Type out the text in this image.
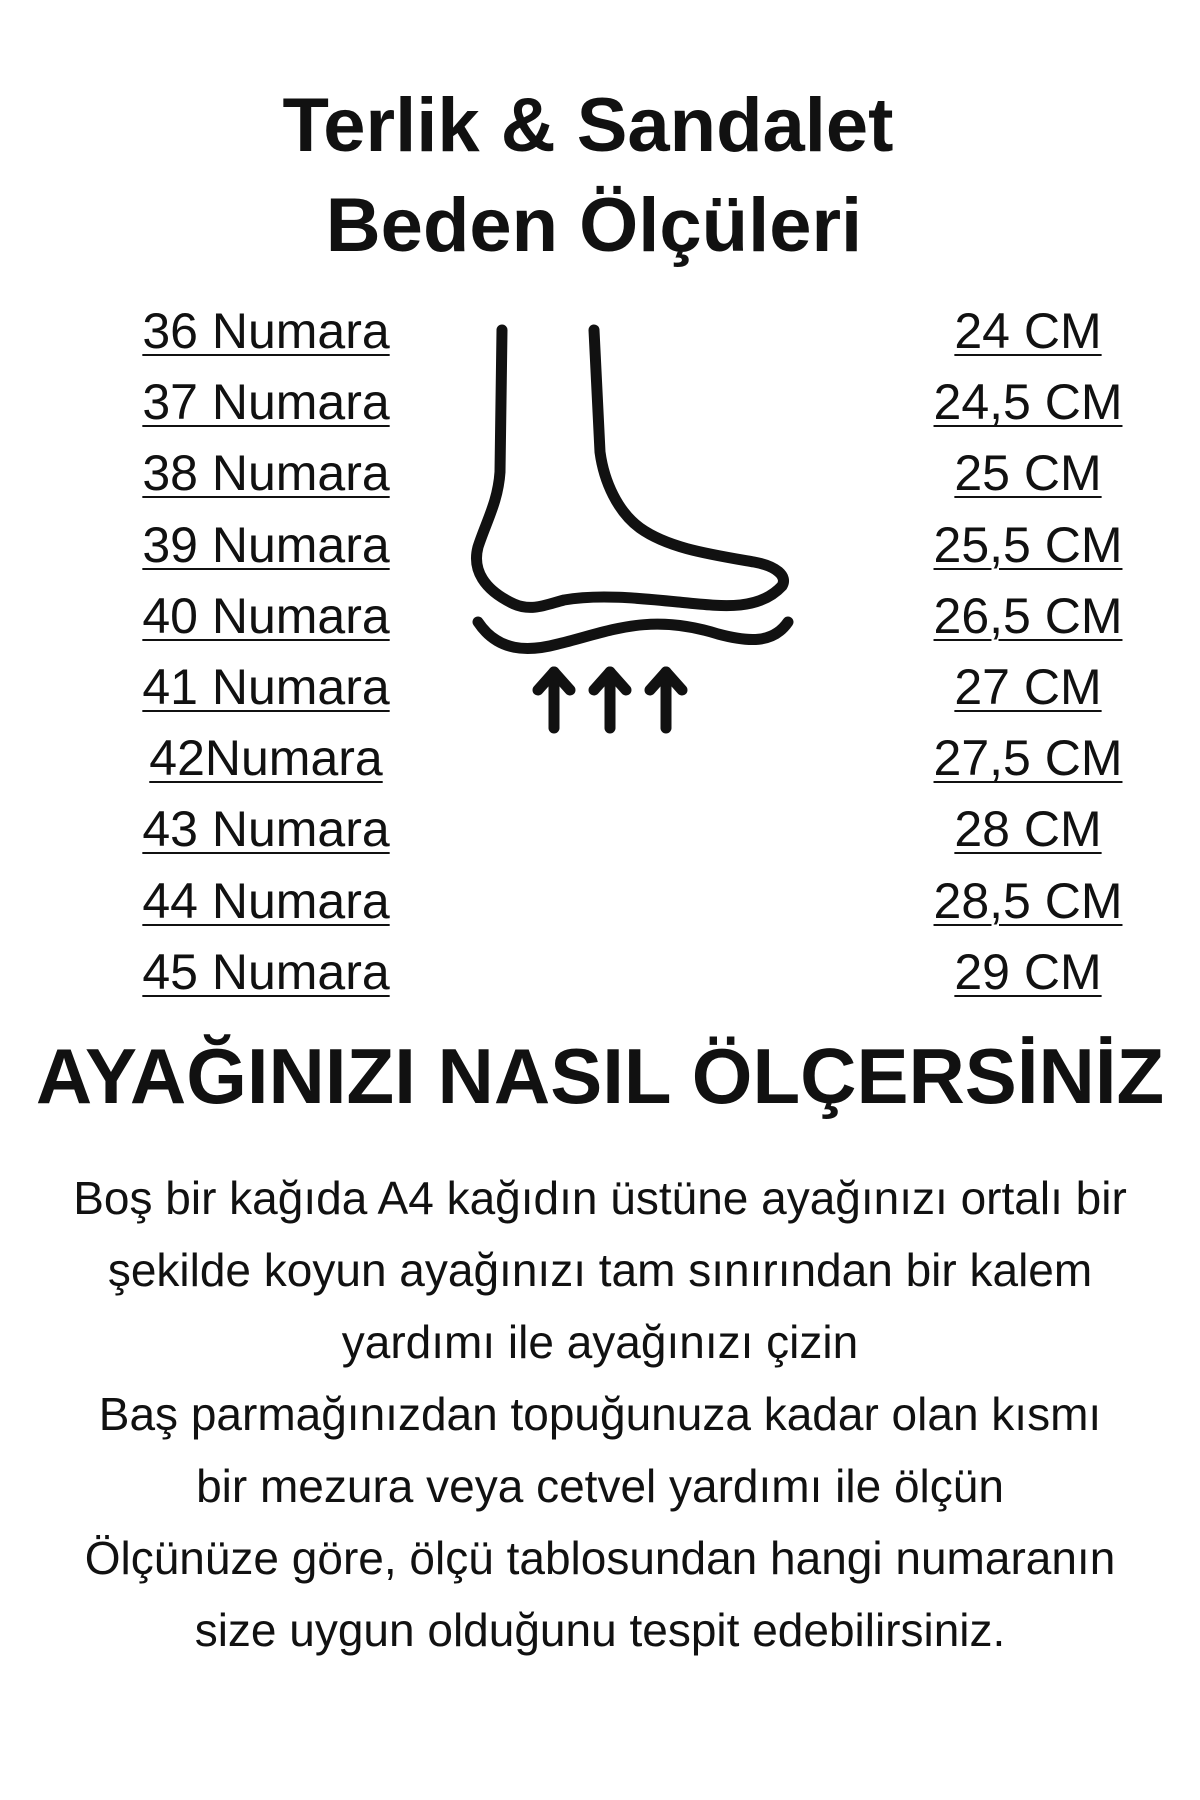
Terlik & Sandalet
Beden Ölçüleri
36 Numara
37 Numara
38 Numara
39 Numara
40 Numara
41 Numara
42Numara
43 Numara
44 Numara
45 Numara
24 CM
24,5 CM
25 CM
25,5 CM
26,5 CM
27 CM
27,5 CM
28 CM
28,5 CM
29 CM
AYAĞINIZI NASIL ÖLÇERSİNİZ
Boş bir kağıda A4 kağıdın üstüne ayağınızı ortalı bir
şekilde koyun ayağınızı tam sınırından bir kalem
yardımı ile ayağınızı çizin
Baş parmağınızdan topuğunuza kadar olan kısmı
bir mezura veya cetvel yardımı ile ölçün
Ölçünüze göre, ölçü tablosundan hangi numaranın
size uygun olduğunu tespit edebilirsiniz.
